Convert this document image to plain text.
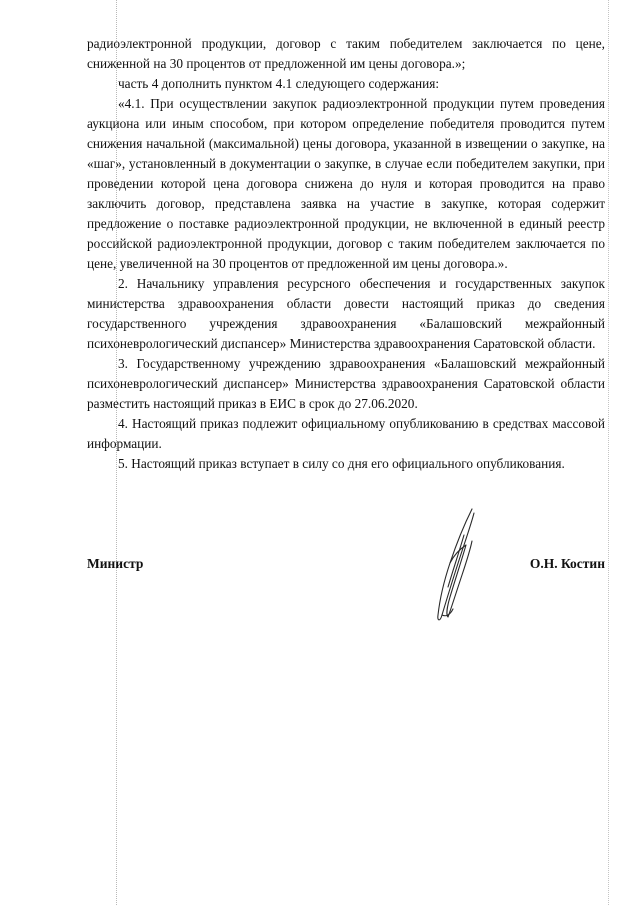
радиоэлектронной продукции, договор с таким победителем заключается по цене, сниженной на 30 процентов от предложенной им цены договора.»;

часть 4 дополнить пунктом 4.1 следующего содержания:

«4.1. При осуществлении закупок радиоэлектронной продукции путем проведения аукциона или иным способом, при котором определение победителя проводится путем снижения начальной (максимальной) цены договора, указанной в извещении о закупке, на «шаг», установленный в документации о закупке, в случае если победителем закупки, при проведении которой цена договора снижена до нуля и которая проводится на право заключить договор, представлена заявка на участие в закупке, которая содержит предложение о поставке радиоэлектронной продукции, не включенной в единый реестр российской радиоэлектронной продукции, договор с таким победителем заключается по цене, увеличенной на 30 процентов от предложенной им цены договора.».

2. Начальнику управления ресурсного обеспечения и государственных закупок министерства здравоохранения области довести настоящий приказ до сведения государственного учреждения здравоохранения «Балашовский межрайонный психоневрологический диспансер» Министерства здравоохранения Саратовской области.

3. Государственному учреждению здравоохранения «Балашовский межрайонный психоневрологический диспансер» Министерства здравоохранения Саратовской области разместить настоящий приказ в ЕИС в срок до 27.06.2020.

4. Настоящий приказ подлежит официальному опубликованию в средствах массовой информации.

5. Настоящий приказ вступает в силу со дня его официального опубликования.

Министр	О.Н. Костин
